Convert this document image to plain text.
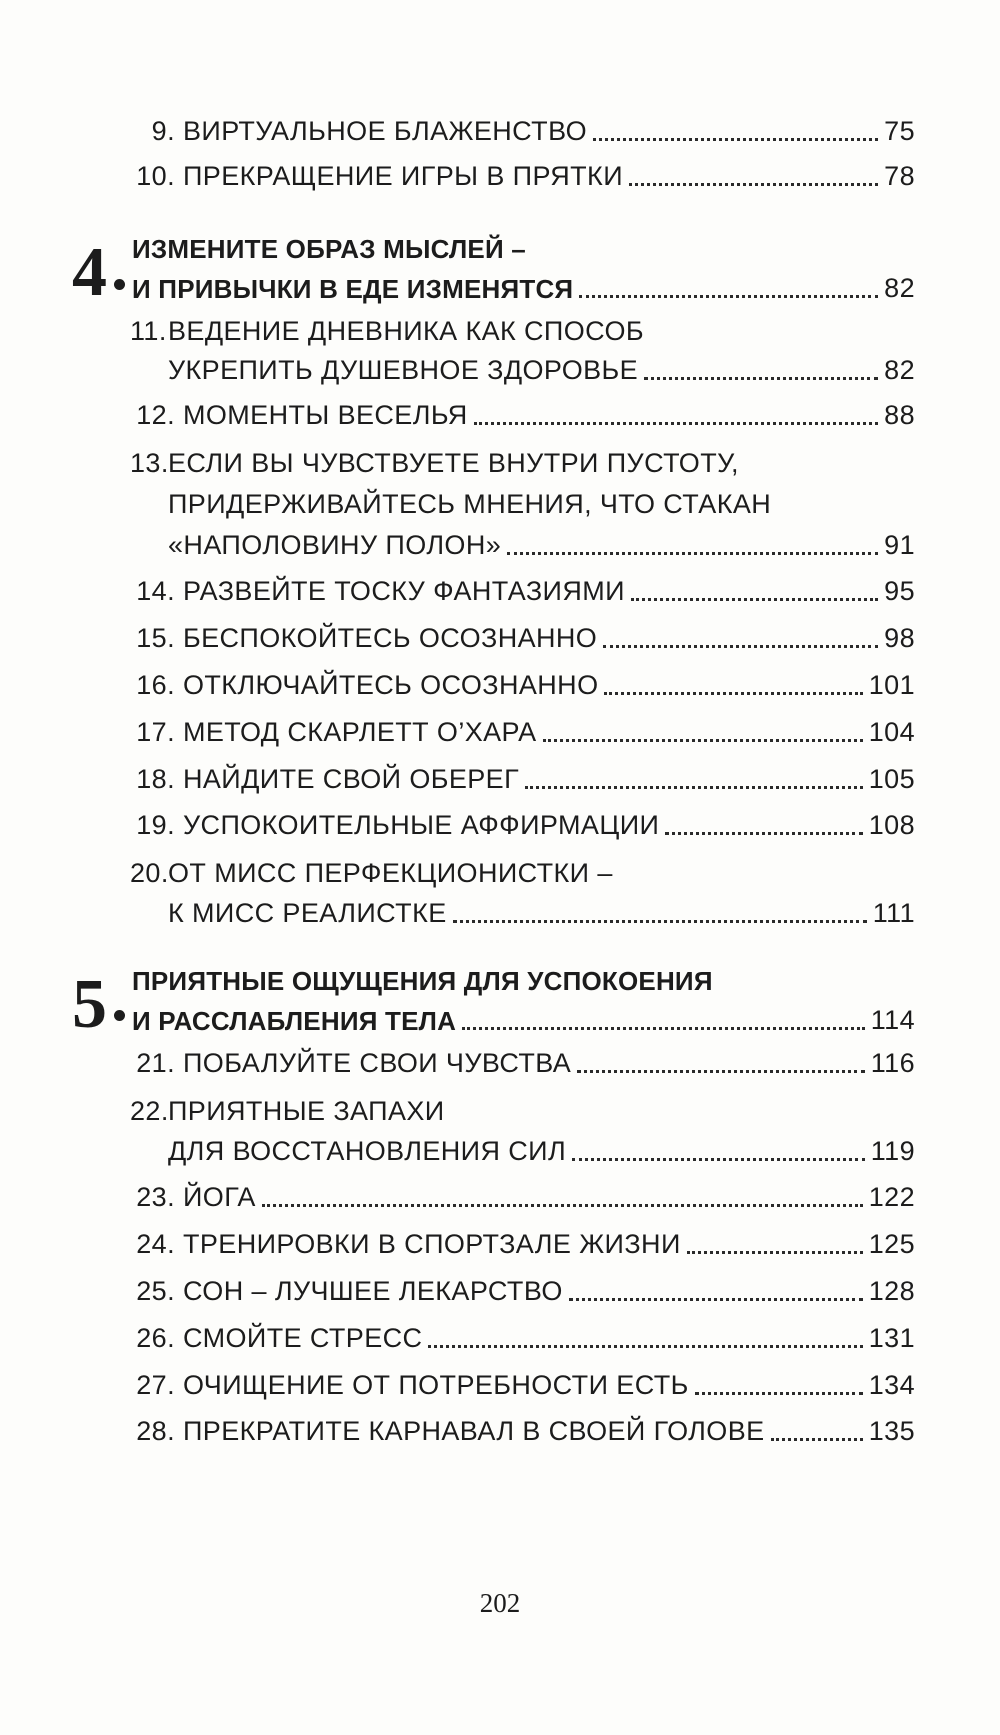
9. ВИРТУАЛЬНОЕ БЛАЖЕНСТВО	75
10. ПРЕКРАЩЕНИЕ ИГРЫ В ПРЯТКИ	78
4 ИЗМЕНИТЕ ОБРАЗ МЫСЛЕЙ –
И ПРИВЫЧКИ В ЕДЕ ИЗМЕНЯТСЯ	82
11. ВЕДЕНИЕ ДНЕВНИКА КАК СПОСОБ
УКРЕПИТЬ ДУШЕВНОЕ ЗДОРОВЬЕ	82
12. МОМЕНТЫ ВЕСЕЛЬЯ	88
13. ЕСЛИ ВЫ ЧУВСТВУЕТЕ ВНУТРИ ПУСТОТУ,
ПРИДЕРЖИВАЙТЕСЬ МНЕНИЯ, ЧТО СТАКАН
«НАПОЛОВИНУ ПОЛОН»	91
14. РАЗВЕЙТЕ ТОСКУ ФАНТАЗИЯМИ	95
15. БЕСПОКОЙТЕСЬ ОСОЗНАННО	98
16. ОТКЛЮЧАЙТЕСЬ ОСОЗНАННО	101
17. МЕТОД СКАРЛЕТТ О’ХАРА	104
18. НАЙДИТЕ СВОЙ ОБЕРЕГ	105
19. УСПОКОИТЕЛЬНЫЕ АФФИРМАЦИИ	108
20. ОТ МИСС ПЕРФЕКЦИОНИСТКИ –
К МИСС РЕАЛИСТКЕ	111
5 ПРИЯТНЫЕ ОЩУЩЕНИЯ ДЛЯ УСПОКОЕНИЯ
И РАССЛАБЛЕНИЯ ТЕЛА	114
21. ПОБАЛУЙТЕ СВОИ ЧУВСТВА	116
22. ПРИЯТНЫЕ ЗАПАХИ
ДЛЯ ВОССТАНОВЛЕНИЯ СИЛ	119
23. ЙОГА	122
24. ТРЕНИРОВКИ В СПОРТЗАЛЕ ЖИЗНИ	125
25. СОН – ЛУЧШЕЕ ЛЕКАРСТВО	128
26. СМОЙТЕ СТРЕСС	131
27. ОЧИЩЕНИЕ ОТ ПОТРЕБНОСТИ ЕСТЬ	134
28. ПРЕКРАТИТЕ КАРНАВАЛ В СВОЕЙ ГОЛОВЕ	135
202
